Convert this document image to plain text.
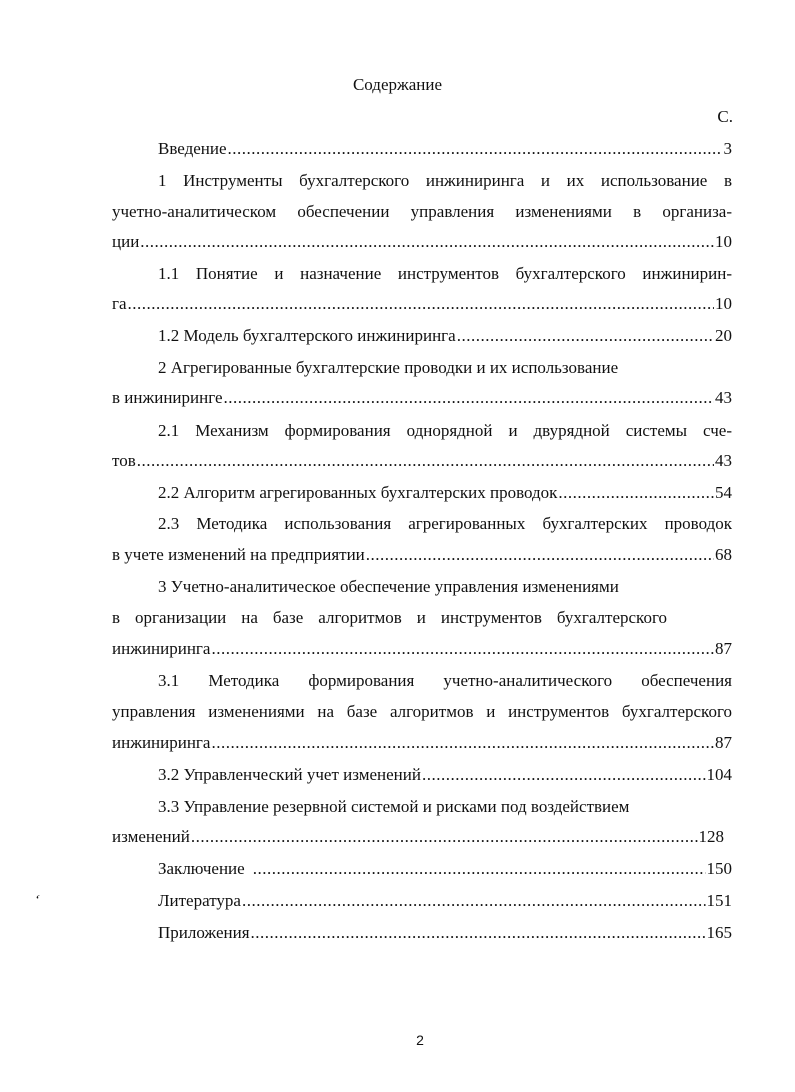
Содержание
С.
Введение .....	3
1 Инструменты бухгалтерского инжиниринга и их использование в
учетно-аналитическом обеспечении управления изменениями в организа-
ции .....	10
1.1 Понятие и назначение инструментов бухгалтерского инжинирин-
га .....	10
1.2 Модель бухгалтерского инжиниринга .....	20
2 Агрегированные бухгалтерские проводки и их использование
в инжиниринге .....	43
2.1 Механизм формирования однорядной и двурядной системы сче-
тов .....	43
2.2 Алгоритм агрегированных бухгалтерских проводок .....	54
2.3 Методика использования агрегированных бухгалтерских проводок
в учете изменений на предприятии .....	68
3 Учетно-аналитическое обеспечение управления изменениями
в организации на базе алгоритмов и инструментов бухгалтерского
инжиниринга .....	87
3.1 Методика формирования учетно-аналитического обеспечения
управления изменениями на базе алгоритмов и инструментов бухгалтерского
инжиниринга .....	87
3.2 Управленческий учет изменений .....	104
3.3 Управление резервной системой и рисками под воздействием
изменений .....	128
Заключение .....	150
Литература .....	151
Приложения .....	165
ʻ
2
